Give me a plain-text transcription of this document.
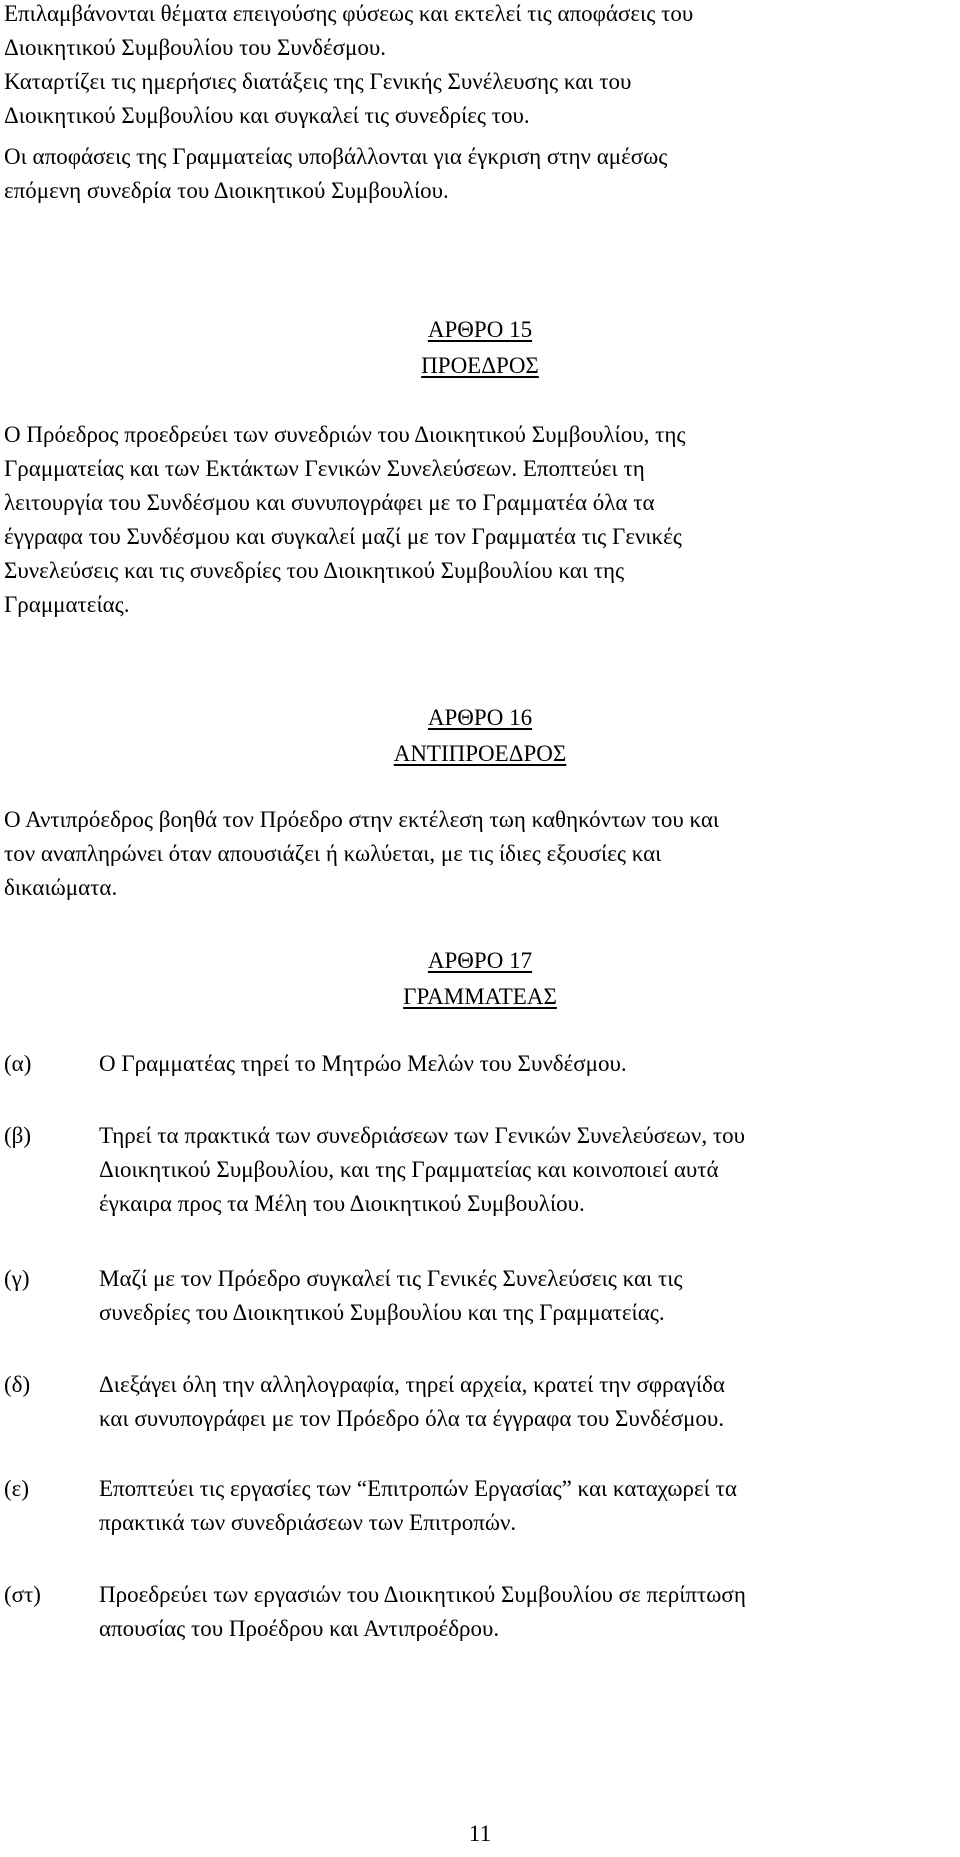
Επιλαμβάνονται θέματα επειγούσης φύσεως και εκτελεί τις αποφάσεις του

Διοικητικού Συμβουλίου του Συνδέσμου.

Καταρτίζει τις ημερήσιες διατάξεις της Γενικής Συνέλευσης και του

Διοικητικού Συμβουλίου και συγκαλεί τις συνεδρίες του.

Οι αποφάσεις της Γραμματείας υποβάλλονται για έγκριση στην αμέσως

επόμενη συνεδρία του Διοικητικού Συμβουλίου.

ΑΡΘΡΟ 15
ΠΡΟΕΔΡΟΣ

Ο Πρόεδρος προεδρεύει των συνεδριών του Διοικητικού Συμβουλίου, της

Γραμματείας και των Εκτάκτων Γενικών Συνελεύσεων. Εποπτεύει τη

λειτουργία του Συνδέσμου και συνυπογράφει με το Γραμματέα όλα τα

έγγραφα του Συνδέσμου και συγκαλεί μαζί με τον Γραμματέα τις Γενικές

Συνελεύσεις και τις συνεδρίες του Διοικητικού Συμβουλίου και της

Γραμματείας.

ΑΡΘΡΟ 16
ΑΝΤΙΠΡΟΕΔΡΟΣ

Ο Αντιπρόεδρος βοηθά τον Πρόεδρο στην εκτέλεση τωη καθηκόντων του και

τον αναπληρώνει όταν απουσιάζει ή κωλύεται, με τις ίδιες εξουσίες και

δικαιώματα.

ΑΡΘΡΟ 17
ΓΡΑΜΜΑΤΕΑΣ
(α)	Ο Γραμματέας τηρεί το Μητρώο Μελών του Συνδέσμου.
(β)	Τηρεί τα πρακτικά των συνεδριάσεων των Γενικών Συνελεύσεων, του
Διοικητικού Συμβουλίου, και της Γραμματείας και κοινοποιεί αυτά
έγκαιρα προς τα Μέλη του Διοικητικού Συμβουλίου.
(γ)	Μαζί με τον Πρόεδρο συγκαλεί τις Γενικές Συνελεύσεις και τις
συνεδρίες του Διοικητικού Συμβουλίου και της Γραμματείας.
(δ)	Διεξάγει όλη την αλληλογραφία, τηρεί αρχεία, κρατεί την σφραγίδα
και συνυπογράφει με τον Πρόεδρο όλα τα έγγραφα του Συνδέσμου.
(ε)	Εποπτεύει τις εργασίες των “Επιτροπών Εργασίας” και καταχωρεί τα
πρακτικά των συνεδριάσεων των Επιτροπών.
(στ)	Προεδρεύει των εργασιών του Διοικητικού Συμβουλίου σε περίπτωση
απουσίας του Προέδρου και Αντιπροέδρου.
11
